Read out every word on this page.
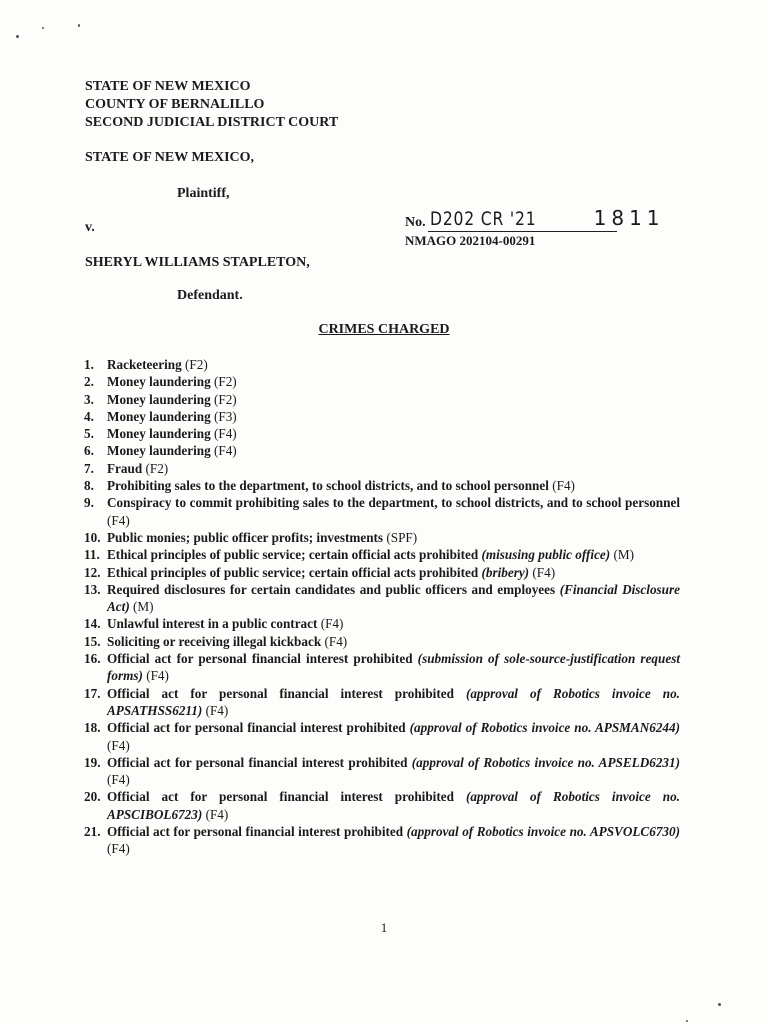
STATE OF NEW MEXICO
COUNTY OF BERNALILLO
SECOND JUDICIAL DISTRICT COURT
STATE OF NEW MEXICO,
Plaintiff,
v.
SHERYL WILLIAMS STAPLETON,
Defendant.
No. D202 CR '21	1811
NMAGO 202104-00291
CRIMES CHARGED
1. Racketeering (F2)
2. Money laundering (F2)
3. Money laundering (F2)
4. Money laundering (F3)
5. Money laundering (F4)
6. Money laundering (F4)
7. Fraud (F2)
8. Prohibiting sales to the department, to school districts, and to school personnel (F4)
9. Conspiracy to commit prohibiting sales to the department, to school districts, and to school personnel (F4)
10. Public monies; public officer profits; investments (SPF)
11. Ethical principles of public service; certain official acts prohibited (misusing public office) (M)
12. Ethical principles of public service; certain official acts prohibited (bribery) (F4)
13. Required disclosures for certain candidates and public officers and employees (Financial Disclosure Act) (M)
14. Unlawful interest in a public contract (F4)
15. Soliciting or receiving illegal kickback (F4)
16. Official act for personal financial interest prohibited (submission of sole-source-justification request forms) (F4)
17. Official act for personal financial interest prohibited (approval of Robotics invoice no. APSATHSS6211) (F4)
18. Official act for personal financial interest prohibited (approval of Robotics invoice no. APSMAN6244) (F4)
19. Official act for personal financial interest prohibited (approval of Robotics invoice no. APSELD6231) (F4)
20. Official act for personal financial interest prohibited (approval of Robotics invoice no. APSCIBOL6723) (F4)
21. Official act for personal financial interest prohibited (approval of Robotics invoice no. APSVOLC6730) (F4)
1
